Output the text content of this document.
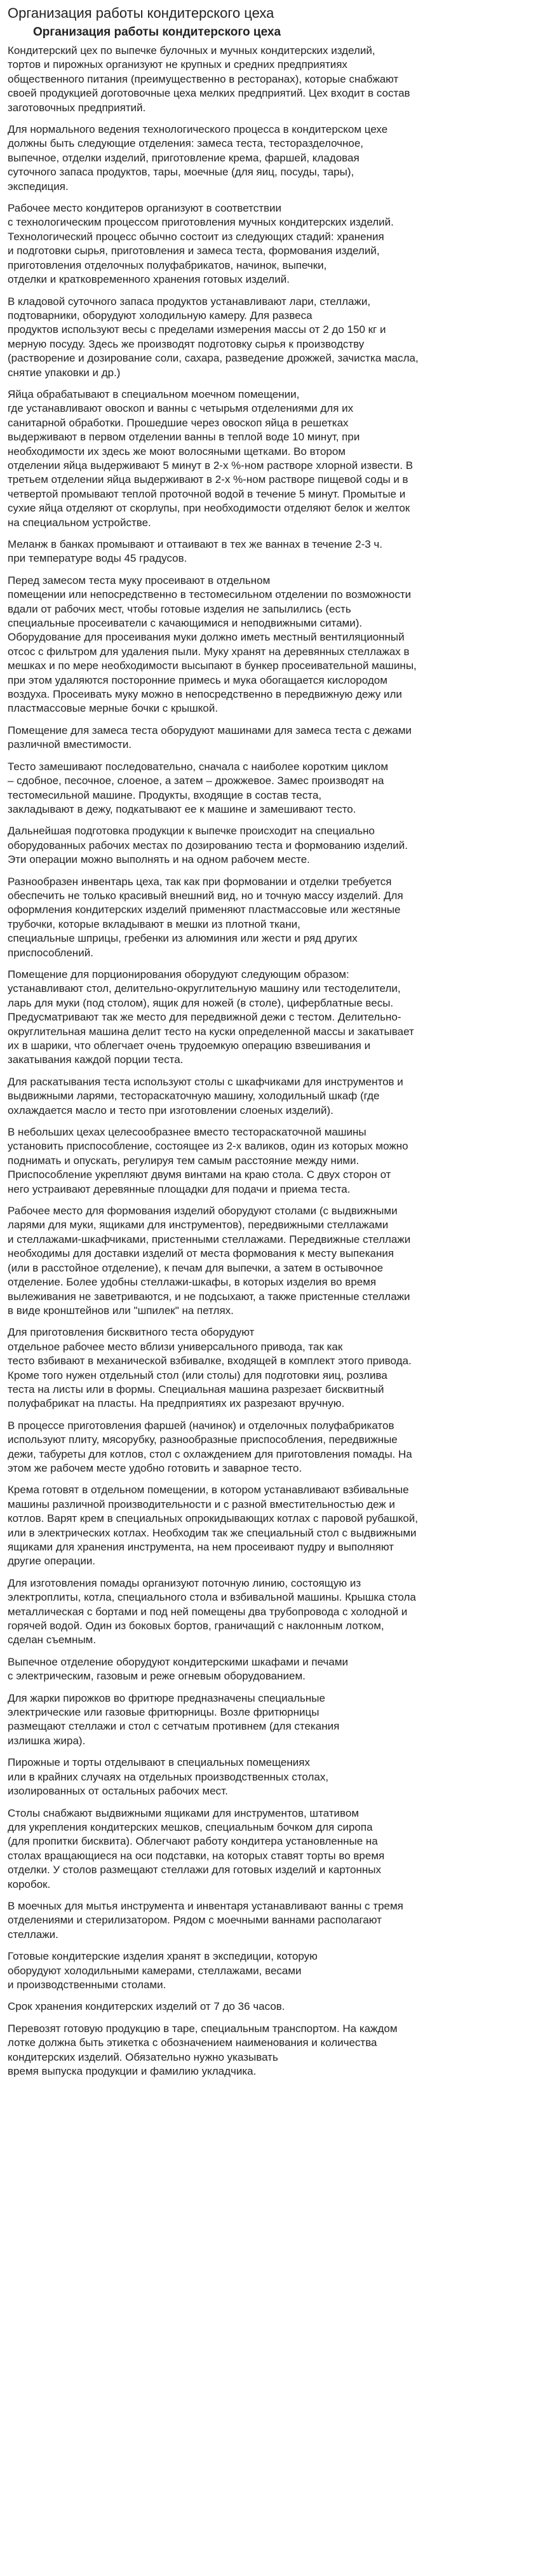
Организация работы кондитерского цеха
Организация работы кондитерского цеха

Кондитерский цех по выпечке булочных и мучных кондитерских изделий,
тортов и пирожных организуют не крупных и средних предприятиях
общественного питания (преимущественно в ресторанах), которые снабжают
своей продукцией доготовочные цеха мелких предприятий. Цех входит в состав
заготовочных предприятий.

Для нормального ведения технологического процесса в кондитерском цехе
должны быть следующие отделения: замеса теста, тесторазделочное,
выпечное, отделки изделий, приготовление крема, фаршей, кладовая
суточного запаса продуктов, тары, моечные (для яиц, посуды, тары),
экспедиция.

Рабочее место кондитеров организуют в соответствии
с технологическим процессом приготовления мучных кондитерских изделий.
Технологический процесс обычно состоит из следующих стадий: хранения
и подготовки сырья, приготовления и замеса теста, формования изделий,
приготовления отделочных полуфабрикатов, начинок, выпечки,
отделки и кратковременного хранения готовых изделий.

В кладовой суточного запаса продуктов устанавливают лари, стеллажи,
подтоварники, оборудуют холодильную камеру. Для развеса
продуктов используют весы с пределами измерения массы от 2 до 150 кг и
мерную посуду. Здесь же производят подготовку сырья к производству
(растворение и дозирование соли, сахара, разведение дрожжей, зачистка масла,
снятие упаковки и др.)

Яйца обрабатывают в специальном моечном помещении,
где устанавливают овоскоп и ванны с четырьмя отделениями для их
санитарной обработки. Прошедшие через овоскоп яйца в решетках
выдерживают в первом отделении ванны в теплой воде 10 минут, при
необходимости их здесь же моют волосяными щетками. Во втором
отделении яйца выдерживают 5 минут в 2-х %-ном растворе хлорной извести. В
третьем отделении яйца выдерживают в 2-х %-ном растворе пищевой соды и в
четвертой промывают теплой проточной водой в течение 5 минут. Промытые и
сухие яйца отделяют от скорлупы, при необходимости отделяют белок и желток
на специальном устройстве.

Меланж в банках промывают и оттаивают в тех же ваннах в течение 2-3 ч.
при температуре воды 45 градусов.

Перед замесом теста муку просеивают в отдельном
помещении или непосредственно в тестомесильном отделении по возможности
вдали от рабочих мест, чтобы готовые изделия не запылились (есть
специальные просеиватели с качающимися и неподвижными ситами).
Оборудование для просеивания муки должно иметь местный вентиляционный
отсос с фильтром для удаления пыли. Муку хранят на деревянных стеллажах в
мешках и по мере необходимости высыпают в бункер просеивательной машины,
при этом удаляются посторонние примесь и мука обогащается кислородом
воздуха. Просеивать муку можно в непосредственно в передвижную дежу или
пластмассовые мерные бочки с крышкой.

Помещение для замеса теста оборудуют машинами для замеса теста с дежами
различной вместимости.

Тесто замешивают последовательно, сначала с наиболее коротким циклом
– сдобное, песочное, слоеное, а затем – дрожжевое. Замес производят на
тестомесильной машине. Продукты, входящие в состав теста,
закладывают в дежу, подкатывают ее к машине и замешивают тесто.

Дальнейшая подготовка продукции к выпечке происходит на специально
оборудованных рабочих местах по дозированию теста и формованию изделий.
Эти операции можно выполнять и на одном рабочем месте.

Разнообразен инвентарь цеха, так как при формовании и отделки требуется
обеспечить не только красивый внешний вид, но и точную массу изделий. Для
оформления кондитерских изделий применяют пластмассовые или жестяные
трубочки, которые вкладывают в мешки из плотной ткани,
специальные шприцы, гребенки из алюминия или жести и ряд других
приспособлений.

Помещение для порционирования оборудуют следующим образом:
устанавливают стол, делительно-округлительную машину или тестоделители,
ларь для муки (под столом), ящик для ножей (в столе), циферблатные весы.
Предусматривают так же место для передвижной дежи с тестом. Делительно-
округлительная машина делит тесто на куски определенной массы и закатывает
их в шарики, что облегчает очень трудоемкую операцию взвешивания и
закатывания каждой порции теста.

Для раскатывания теста используют столы с шкафчиками для инструментов и
выдвижными ларями, тестораскаточную машину, холодильный шкаф (где
охлаждается масло и тесто при изготовлении слоеных изделий).

В небольших цехах целесообразнее вместо тестораскаточной машины
установить приспособление, состоящее из 2-х валиков, один из которых можно
поднимать и опускать, регулируя тем самым расстояние между ними.
Приспособление укрепляют двумя винтами на краю стола. С двух сторон от
него устраивают деревянные площадки для подачи и приема теста.

Рабочее место для формования изделий оборудуют столами (с выдвижными
ларями для муки, ящиками для инструментов), передвижными стеллажами
и стеллажами-шкафчиками, пристенными стеллажами. Передвижные стеллажи
необходимы для доставки изделий от места формования к месту выпекания
(или в расстойное отделение), к печам для выпечки, а затем в остывочное
отделение. Более удобны стеллажи-шкафы, в которых изделия во время
вылеживания не заветриваются, и не подсыхают, а также пристенные стеллажи
в виде кронштейнов или "шпилек" на петлях.

Для приготовления бисквитного теста оборудуют
отдельное рабочее место вблизи универсального привода, так как
тесто взбивают в механической взбивалке, входящей в комплект этого привода.
Кроме того нужен отдельный стол (или столы) для подготовки яиц, розлива
теста на листы или в формы. Специальная машина разрезает бисквитный
полуфабрикат на пласты. На предприятиях их разрезают вручную.

В процессе приготовления фаршей (начинок) и отделочных полуфабрикатов
используют плиту, мясорубку, разнообразные приспособления, передвижные
дежи, табуреты для котлов, стол с охлаждением для приготовления помады. На
этом же рабочем месте удобно готовить и заварное тесто.

Крема готовят в отдельном помещении, в котором устанавливают взбивальные
машины различной производительности и с разной вместительностью деж и
котлов. Варят крем в специальных опрокидывающих котлах с паровой рубашкой,
или в электрических котлах. Необходим так же специальный стол с выдвижными
ящиками для хранения инструмента, на нем просеивают пудру и выполняют
другие операции.

Для изготовления помады организуют поточную линию, состоящую из
электроплиты, котла, специального стола и взбивальной машины. Крышка стола
металлическая с бортами и под ней помещены два трубопровода с холодной и
горячей водой. Один из боковых бортов, граничащий с наклонным лотком,
сделан съемным.

Выпечное отделение оборудуют кондитерскими шкафами и печами
с электрическим, газовым и реже огневым оборудованием.

Для жарки пирожков во фритюре предназначены специальные
электрические или газовые фритюрницы. Возле фритюрницы
размещают стеллажи и стол с сетчатым противнем (для стекания
излишка жира).

Пирожные и торты отделывают в специальных помещениях
или в крайних случаях на отдельных производственных столах,
изолированных от остальных рабочих мест.

Столы снабжают выдвижными ящиками для инструментов, штативом
для укрепления кондитерских мешков, специальным бочком для сиропа
(для пропитки бисквита). Облегчают работу кондитера установленные на
столах вращающиеся на оси подставки, на которых ставят торты во время
отделки. У столов размещают стеллажи для готовых изделий и картонных
коробок.

В моечных для мытья инструмента и инвентаря устанавливают ванны с тремя
отделениями и стерилизатором. Рядом с моечными ваннами располагают
стеллажи.

Готовые кондитерские изделия хранят в экспедиции, которую
оборудуют холодильными камерами, стеллажами, весами
и производственными столами.

Срок хранения кондитерских изделий от 7 до 36 часов.

Перевозят готовую продукцию в таре, специальным транспортом. На каждом
лотке должна быть этикетка с обозначением наименования и количества
кондитерских изделий. Обязательно нужно указывать
время выпуска продукции и фамилию укладчика.
